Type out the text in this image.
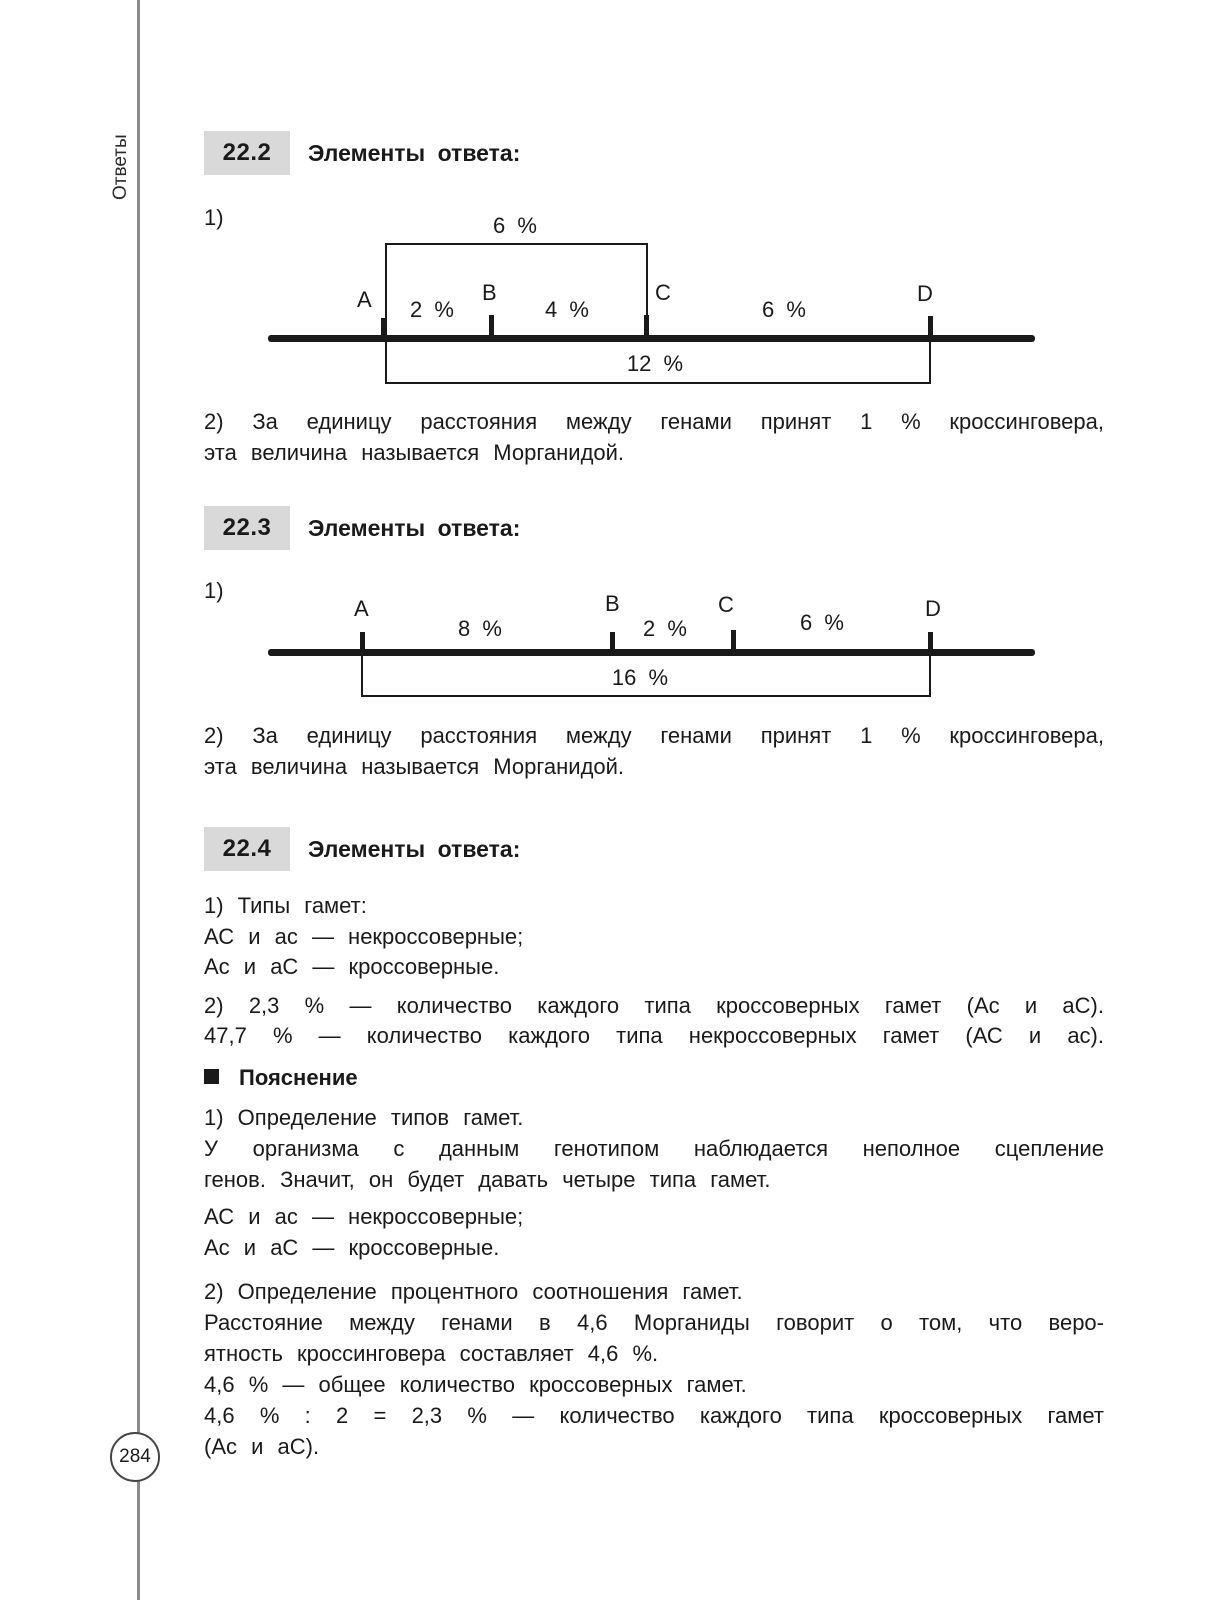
Ответы
284
22.2	Элементы ответа:
1)	6 %
A	B	C	D
2 %	4 %	6 %
12 %
2) За единицу расстояния между генами принят 1 % кроссинговера,
эта величина называется Морганидой.
22.3	Элементы ответа:
1)
A	B	C	D
8 %	2 %	6 %
16 %
2) За единицу расстояния между генами принят 1 % кроссинговера,
эта величина называется Морганидой.
22.4	Элементы ответа:
1) Типы гамет:
АС и ас — некроссоверные;
Ас и аС — кроссоверные.
2) 2,3 % — количество каждого типа кроссоверных гамет (Ас и аС).
47,7 % — количество каждого типа некроссоверных гамет (АС и ас).
Пояснение
1) Определение типов гамет.
У организма с данным генотипом наблюдается неполное сцепление
генов. Значит, он будет давать четыре типа гамет.
АС и ас — некроссоверные;
Ас и аС — кроссоверные.
2) Определение процентного соотношения гамет.
Расстояние между генами в 4,6 Морганиды говорит о том, что веро-
ятность кроссинговера составляет 4,6 %.
4,6 % — общее количество кроссоверных гамет.
4,6 % : 2 = 2,3 % — количество каждого типа кроссоверных гамет
(Ас и аС).
